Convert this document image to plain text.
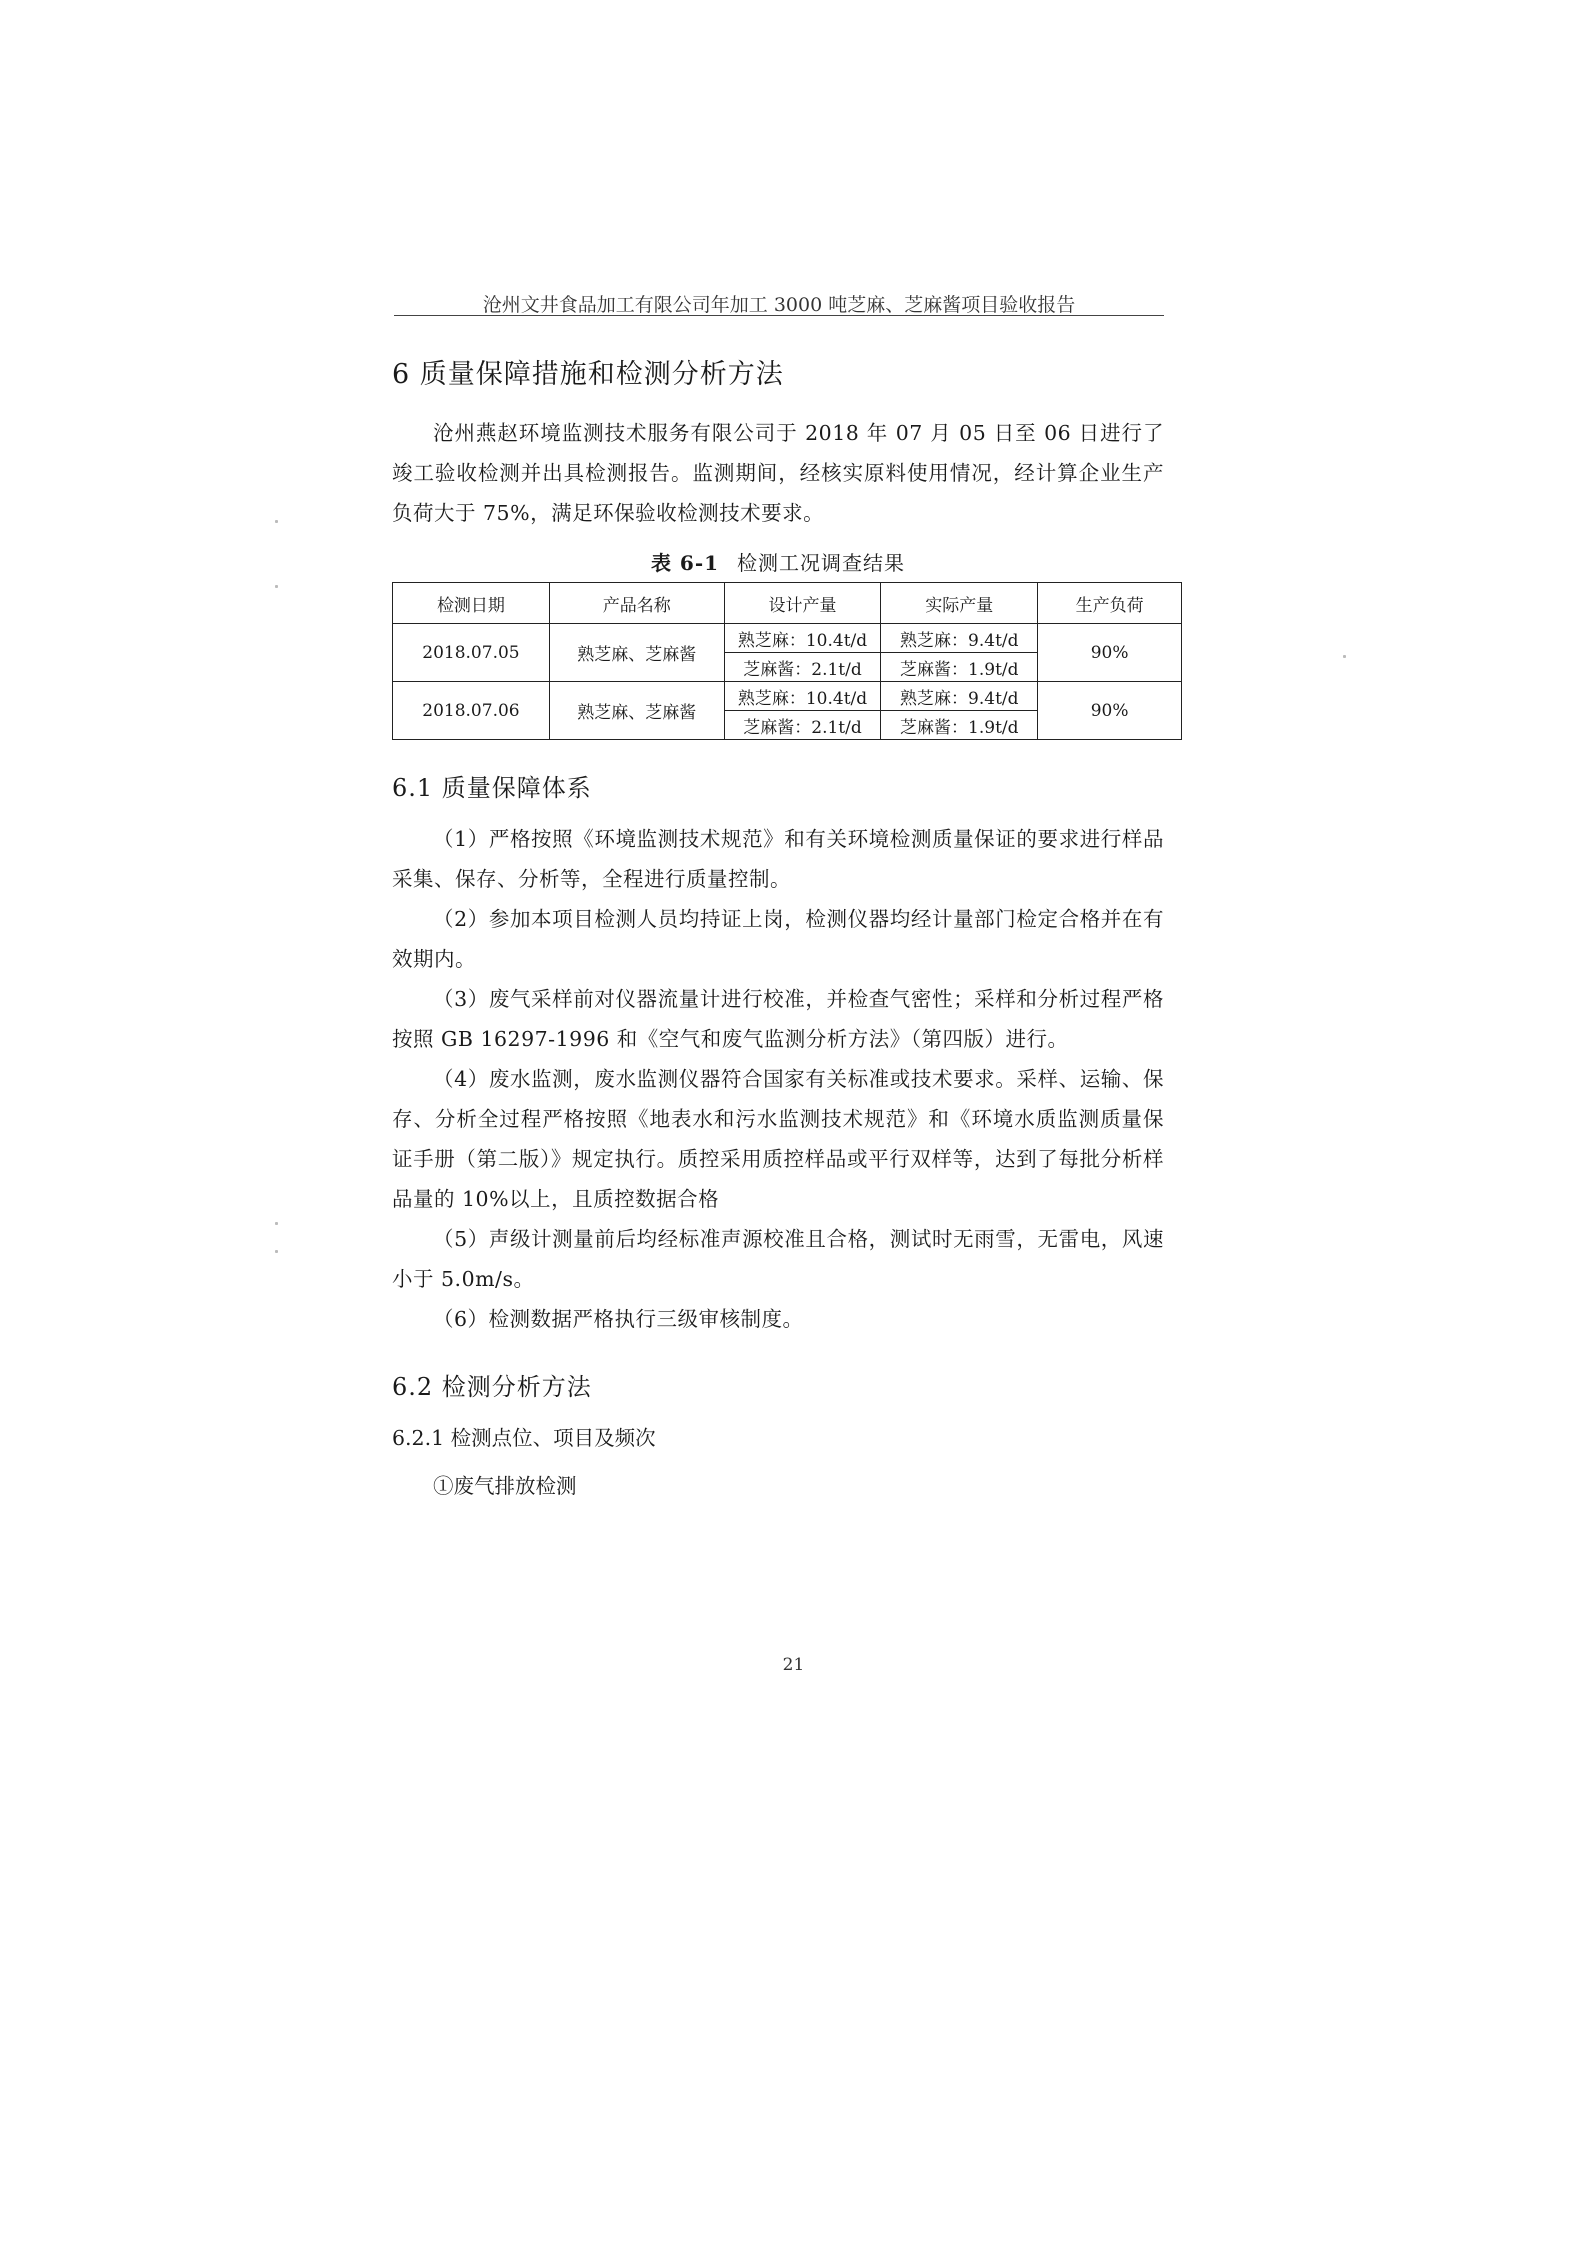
沧州文井食品加工有限公司年加工 3000 吨芝麻、芝麻酱项目验收报告
6 质量保障措施和检测分析方法

沧州燕赵环境监测技术服务有限公司于 2018 年 07 月 05 日至 06 日进行了竣工验收检测并出具检测报告。监测期间，经核实原料使用情况，经计算企业生产负荷大于 75%，满足环保验收检测技术要求。

表 6-1 检测工况调查结果
检测日期	产品名称	设计产量	实际产量	生产负荷
2018.07.05	熟芝麻、芝麻酱	熟芝麻：10.4t/d	熟芝麻：9.4t/d	90%
		芝麻酱：2.1t/d	芝麻酱：1.9t/d	
2018.07.06	熟芝麻、芝麻酱	熟芝麻：10.4t/d	熟芝麻：9.4t/d	90%
		芝麻酱：2.1t/d	芝麻酱：1.9t/d	
6.1 质量保障体系

（1）严格按照《环境监测技术规范》和有关环境检测质量保证的要求进行样品采集、保存、分析等，全程进行质量控制。

（2）参加本项目检测人员均持证上岗，检测仪器均经计量部门检定合格并在有效期内。

（3）废气采样前对仪器流量计进行校准，并检查气密性；采样和分析过程严格按照 GB 16297-1996 和《空气和废气监测分析方法》（第四版）进行。

（4）废水监测，废水监测仪器符合国家有关标准或技术要求。采样、运输、保存、分析全过程严格按照《地表水和污水监测技术规范》和《环境水质监测质量保证手册（第二版）》规定执行。质控采用质控样品或平行双样等，达到了每批分析样品量的 10%以上，且质控数据合格

（5）声级计测量前后均经标准声源校准且合格，测试时无雨雪，无雷电，风速小于 5.0m/s。

（6）检测数据严格执行三级审核制度。

6.2 检测分析方法

6.2.1 检测点位、项目及频次

①废气排放检测

21
